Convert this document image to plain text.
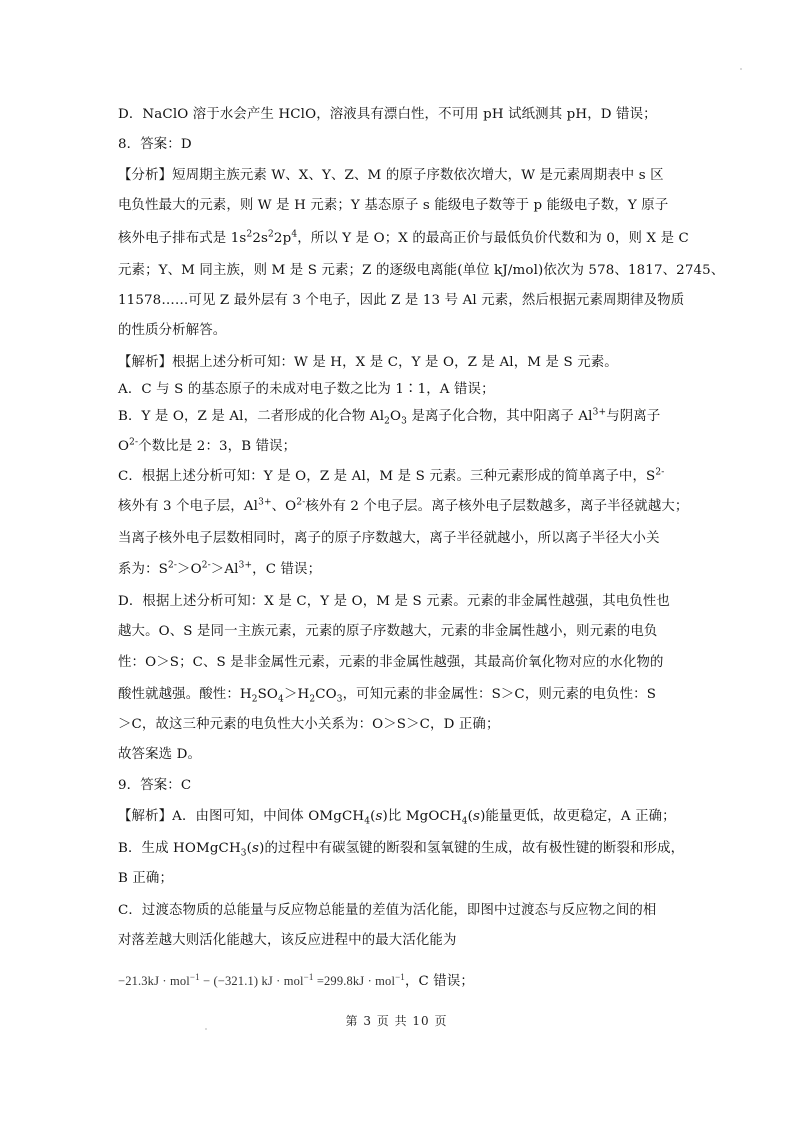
D．NaClO 溶于水会产生 HClO，溶液具有漂白性，不可用 pH 试纸测其 pH，D 错误；
8．答案：D
【分析】短周期主族元素 W、X、Y、Z、M 的原子序数依次增大，W 是元素周期表中 s 区
电负性最大的元素，则 W 是 H 元素；Y 基态原子 s 能级电子数等于 p 能级电子数，Y 原子
核外电子排布式是 $1s^22s^22p^4$，所以 Y 是 O；X 的最高正价与最低负价代数和为 0，则 X 是 C
元素；Y、M 同主族，则 M 是 S 元素；Z 的逐级电离能(单位 kJ/mol)依次为 578、1817、2745、
11578……可见 Z 最外层有 3 个电子，因此 Z 是 13 号 Al 元素，然后根据元素周期律及物质
的性质分析解答。
【解析】根据上述分析可知：W 是 H，X 是 C，Y 是 O，Z 是 Al，M 是 S 元素。
A．C 与 S 的基态原子的未成对电子数之比为 1∶1，A 错误；
B．Y 是 O，Z 是 Al，二者形成的化合物 $Al_2O_3$ 是离子化合物，其中阳离子 $Al^{3+}$与阴离子
$O^{2-}$个数比是 2：3，B 错误；
C．根据上述分析可知：Y 是 O，Z 是 Al，M 是 S 元素。三种元素形成的简单离子中，$S^{2-}$
核外有 3 个电子层，$Al^{3+}$、$O^{2-}$核外有 2 个电子层。离子核外电子层数越多，离子半径就越大；
当离子核外电子层数相同时，离子的原子序数越大，离子半径就越小，所以离子半径大小关
系为：$S^{2-}>O^{2-}>Al^{3+}$，C 错误；
D．根据上述分析可知：X 是 C，Y 是 O，M 是 S 元素。元素的非金属性越强，其电负性也
越大。O、S 是同一主族元素，元素的原子序数越大，元素的非金属性越小，则元素的电负
性：O＞S；C、S 是非金属性元素，元素的非金属性越强，其最高价氧化物对应的水化物的
酸性就越强。酸性：$H_2SO_4>H_2CO_3$，可知元素的非金属性：S＞C，则元素的电负性：S
＞C，故这三种元素的电负性大小关系为：O＞S＞C，D 正确；
故答案选 D。
9．答案：C
【解析】A．由图可知，中间体 OMgCH$_4$(s)比 MgOCH$_4$(s)能量更低，故更稳定，A 正确；
B．生成 HOMgCH$_3$(s)的过程中有碳氢键的断裂和氢氧键的生成，故有极性键的断裂和形成，
B 正确；
C．过渡态物质的总能量与反应物总能量的差值为活化能，即图中过渡态与反应物之间的相
对落差越大则活化能越大，该反应进程中的最大活化能为
−21.3kJ · mol$^{-1}$ − (−321.1) kJ · mol$^{-1}$ =299.8kJ · mol$^{-1}$，C 错误；
第 3 页 共 10 页
